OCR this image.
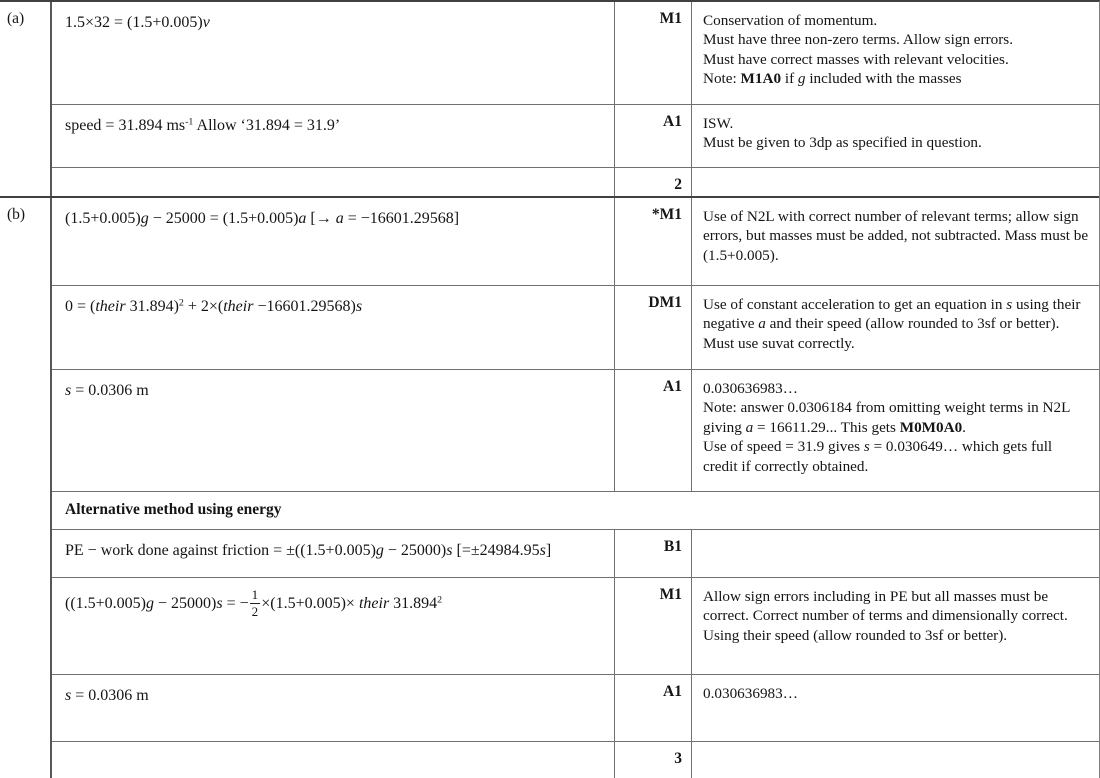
(a)	1.5×32 = (1.5+0.005)v	M1	Conservation of momentum.
Must have three non-zero terms. Allow sign errors.
Must have correct masses with relevant velocities.
Note: M1A0 if g included with the masses
speed = 31.894 $ms^{-1}$ Allow ‘31.894 = 31.9’	A1	ISW.
Must be given to 3dp as specified in question.
2
(b)	(1.5+0.005)g − 25000 = (1.5+0.005)a [→ a = −16601.29568]	*M1	Use of N2L with correct number of relevant terms; allow sign errors, but masses must be added, not subtracted. Mass must be (1.5+0.005).
0 = (their 31.894)$^2$ + 2×(their −16601.29568)s	DM1	Use of constant acceleration to get an equation in s using their negative a and their speed (allow rounded to 3sf or better). Must use suvat correctly.
s = 0.0306 m	A1	0.030636983…
Note: answer 0.0306184 from omitting weight terms in N2L giving a = 16611.29... This gets M0M0A0.
Use of speed = 31.9 gives s = 0.030649… which gets full credit if correctly obtained.
Alternative method using energy
PE − work done against friction = ±((1.5+0.005)g − 25000)s [=±24984.95s]	B1
((1.5+0.005)g − 25000)s = − $\frac{1}{2} \times(1.5+0.005)\times$ their 31.894$^2$	M1	Allow sign errors including in PE but all masses must be correct. Correct number of terms and dimensionally correct.
Using their speed (allow rounded to 3sf or better).
s = 0.0306 m	A1	0.030636983…
3
